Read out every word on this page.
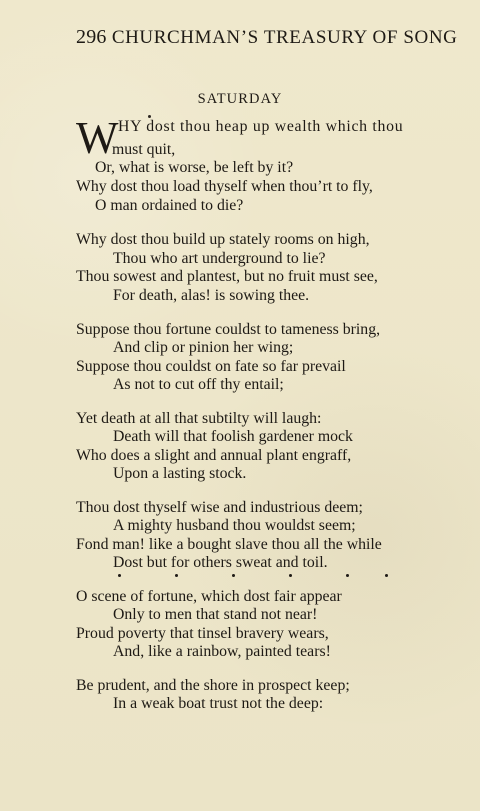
296 CHURCHMAN’S TREASURY OF SONG
SATURDAY
W HY dost thou heap up wealth which thou
must quit,
Or, what is worse, be left by it?
Why dost thou load thyself when thou’rt to fly,
O man ordained to die?
Why dost thou build up stately rooms on high,
Thou who art underground to lie?
Thou sowest and plantest, but no fruit must see,
For death, alas! is sowing thee.
Suppose thou fortune couldst to tameness bring,
And clip or pinion her wing;
Suppose thou couldst on fate so far prevail
As not to cut off thy entail;
Yet death at all that subtilty will laugh:
Death will that foolish gardener mock
Who does a slight and annual plant engraff,
Upon a lasting stock.
Thou dost thyself wise and industrious deem;
A mighty husband thou wouldst seem;
Fond man! like a bought slave thou all the while
Dost but for others sweat and toil.
O scene of fortune, which dost fair appear
Only to men that stand not near!
Proud poverty that tinsel bravery wears,
And, like a rainbow, painted tears!
Be prudent, and the shore in prospect keep;
In a weak boat trust not the deep:
